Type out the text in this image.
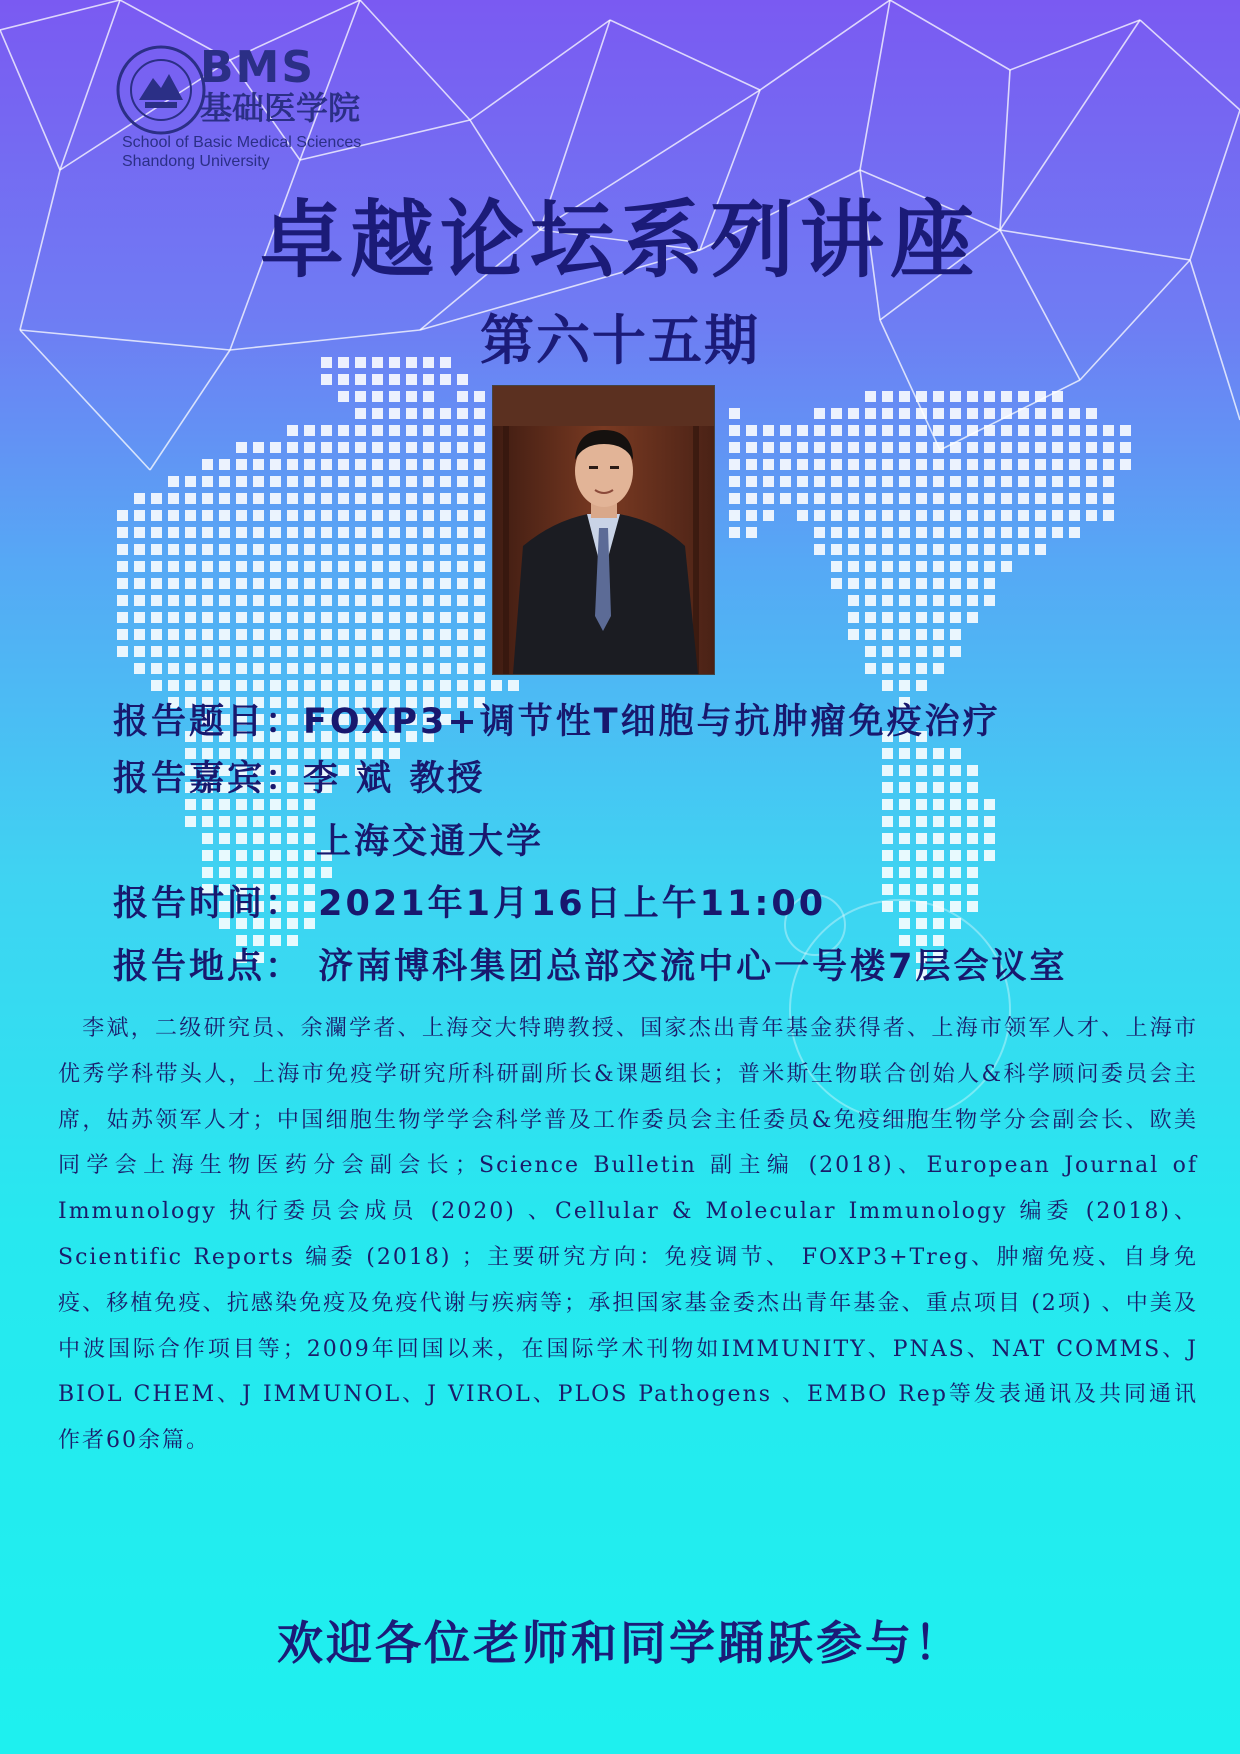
BMS
基础医学院
School of Basic Medical Sciences
Shandong University
卓越论坛系列讲座
第六十五期
报告题目：FOXP3+调节性T细胞与抗肿瘤免疫治疗
报告嘉宾：李 斌 教授
上海交通大学
报告时间： 2021年1月16日上午11:00
报告地点： 济南博科集团总部交流中心一号楼7层会议室
　李斌，二级研究员、余瀾学者、上海交大特聘教授、国家杰出青年基金获得者、上海市领军人才、上海市优秀学科带头人，上海市免疫学研究所科研副所长&课题组长；普米斯生物联合创始人&科学顾问委员会主席，姑苏领军人才；中国细胞生物学学会科学普及工作委员会主任委员&免疫细胞生物学分会副会长、欧美同学会上海生物医药分会副会长；Science Bulletin 副主编 (2018)、European Journal of Immunology 执行委员会成员 (2020) 、Cellular & Molecular Immunology 编委 (2018)、 Scientific Reports 编委 (2018) ；主要研究方向：免疫调节、 FOXP3+Treg、肿瘤免疫、自身免疫、移植免疫、抗感染免疫及免疫代谢与疾病等；承担国家基金委杰出青年基金、重点项目 (2项) 、中美及中波国际合作项目等；2009年回国以来，在国际学术刊物如IMMUNITY、PNAS、NAT COMMS、J BIOL CHEM、J IMMUNOL、J VIROL、PLOS Pathogens 、EMBO Rep等发表通讯及共同通讯作者60余篇。
欢迎各位老师和同学踊跃参与！
